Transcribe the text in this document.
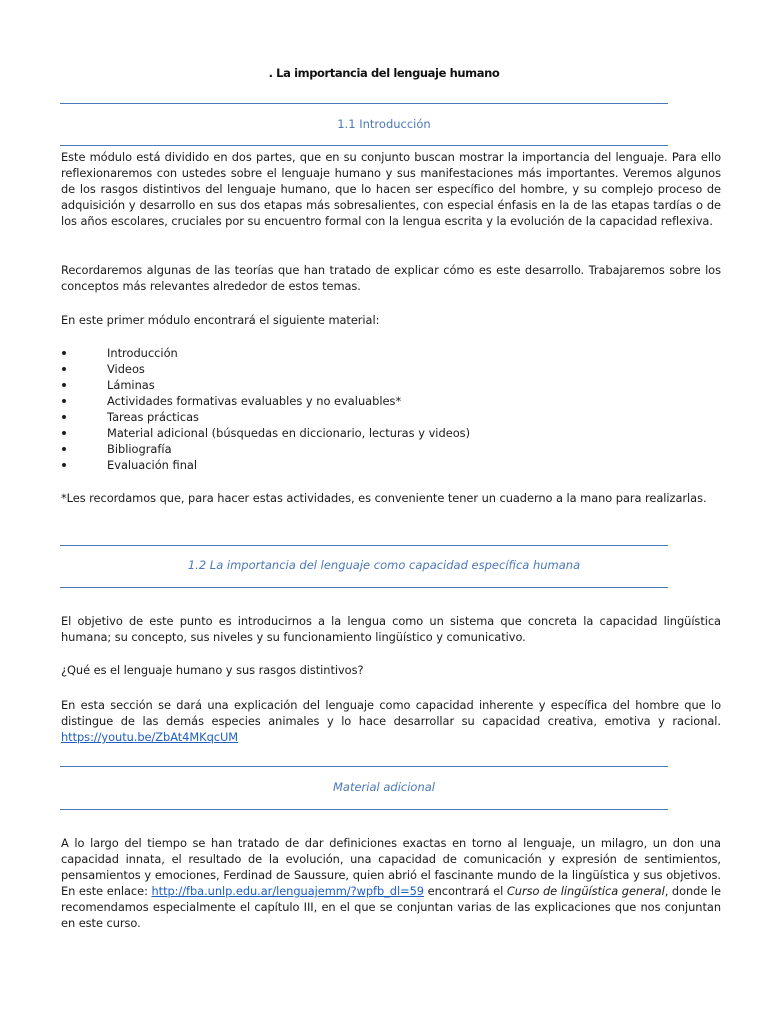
. La importancia del lenguaje humano
1.1 Introducción

Este módulo está dividido en dos partes, que en su conjunto buscan mostrar la importancia del lenguaje. Para ello reflexionaremos con ustedes sobre el lenguaje humano y sus manifestaciones más importantes. Veremos algunos de los rasgos distintivos del lenguaje humano, que lo hacen ser específico del hombre, y su complejo proceso de adquisición y desarrollo en sus dos etapas más sobresalientes, con especial énfasis en la de las etapas tardías o de los años escolares, cruciales por su encuentro formal con la lengua escrita y la evolución de la capacidad reflexiva.

Recordaremos algunas de las teorías que han tratado de explicar cómo es este desarrollo. Trabajaremos sobre los conceptos más relevantes alrededor de estos temas.

En este primer módulo encontrará el siguiente material:

Introducción
Videos
Láminas
Actividades formativas evaluables y no evaluables*
Tareas prácticas
Material adicional (búsquedas en diccionario, lecturas y videos)
Bibliografía
Evaluación final

*Les recordamos que, para hacer estas actividades, es conveniente tener un cuaderno a la mano para realizarlas.

1.2 La importancia del lenguaje como capacidad específica humana

El objetivo de este punto es introducirnos a la lengua como un sistema que concreta la capacidad lingüística humana; su concepto, sus niveles y su funcionamiento lingüístico y comunicativo.

¿Qué es el lenguaje humano y sus rasgos distintivos?

En esta sección se dará una explicación del lenguaje como capacidad inherente y específica del hombre que lo distingue de las demás especies animales y lo hace desarrollar su capacidad creativa, emotiva y racional. https://youtu.be/ZbAt4MKqcUM

Material adicional

A lo largo del tiempo se han tratado de dar definiciones exactas en torno al lenguaje, un milagro, un don una capacidad innata, el resultado de la evolución, una capacidad de comunicación y expresión de sentimientos, pensamientos y emociones, Ferdinad de Saussure, quien abrió el fascinante mundo de la lingüística y sus objetivos. En este enlace: http://fba.unlp.edu.ar/lenguajemm/?wpfb_dl=59 encontrará el Curso de lingüística general, donde le recomendamos especialmente el capítulo III, en el que se conjuntan varias de las explicaciones que nos conjuntan en este curso.
